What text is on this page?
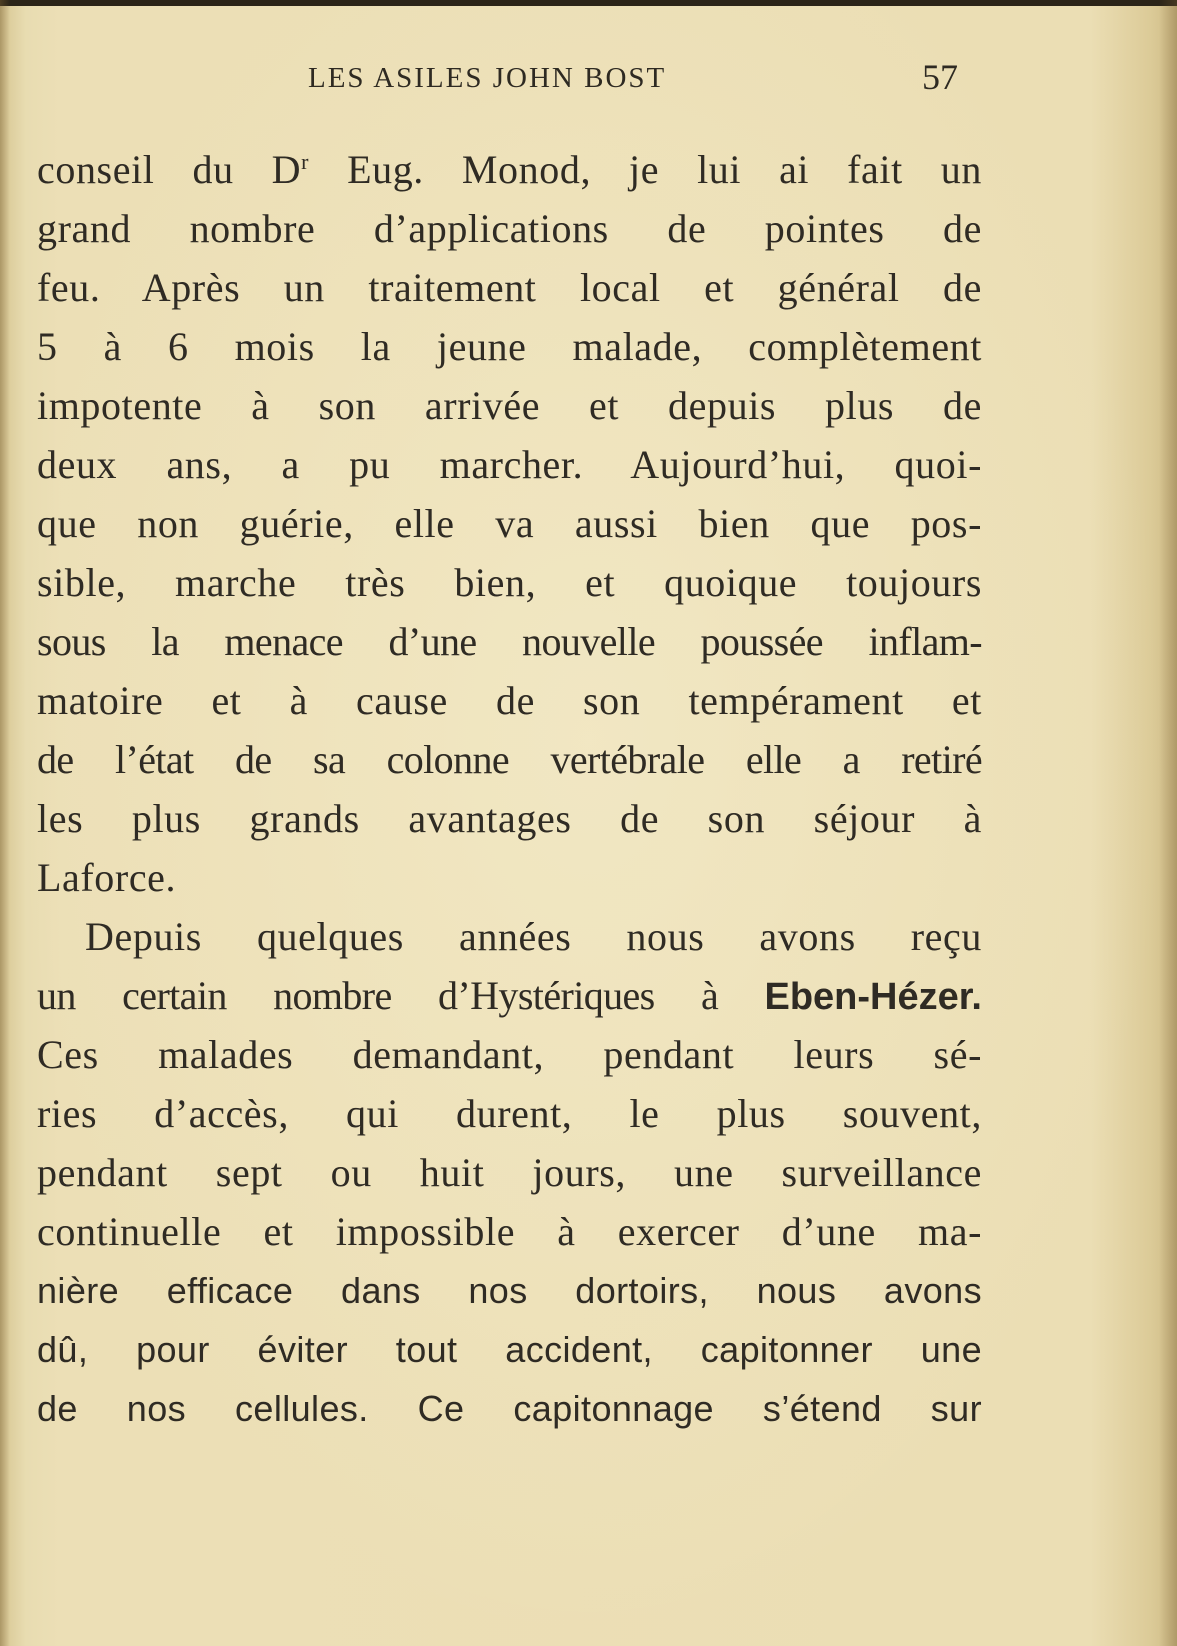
LES ASILES JOHN BOST	57
conseil du $D^r$ Eug. Monod, je lui ai fait un
grand nombre d’applications de pointes de
feu. Après un traitement local et général de
5 à 6 mois la jeune malade, complètement
impotente à son arrivée et depuis plus de
deux ans, a pu marcher. Aujourd’hui, quoi-
que non guérie, elle va aussi bien que pos-
sible, marche très bien, et quoique toujours
sous la menace d’une nouvelle poussée inflam-
matoire et à cause de son tempérament et
de l’état de sa colonne vertébrale elle a retiré
les plus grands avantages de son séjour à
Laforce.
Depuis quelques années nous avons reçu
un certain nombre d’Hystériques à Eben-Hézer.
Ces malades demandant, pendant leurs sé-
ries d’accès, qui durent, le plus souvent,
pendant sept ou huit jours, une surveillance
continuelle et impossible à exercer d’une ma-
nière efficace dans nos dortoirs, nous avons
dû, pour éviter tout accident, capitonner une
de nos cellules. Ce capitonnage s’étend sur
